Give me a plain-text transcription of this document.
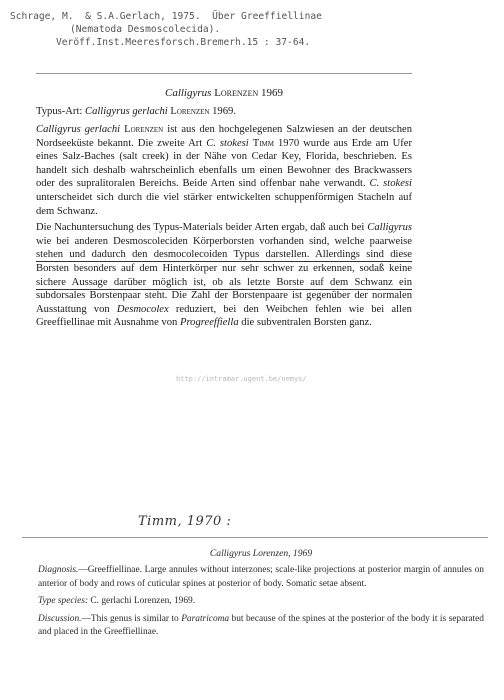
Schrage, M.  & S.A.Gerlach, 1975.  Über Greeffiellinae
(Nematoda Desmoscolecida).
Veröff.Inst.Meeresforsch.Bremerh.15 : 37-64.
Calligyrus Lorenzen 1969
Typus-Art: Calligyrus gerlachi Lorenzen 1969.

Calligyrus gerlachi Lorenzen ist aus den hochgelegenen Salzwiesen an der deutschen Nordseeküste bekannt. Die zweite Art C. stokesi Timm 1970 wurde aus Erde am Ufer eines Salz-Baches (salt creek) in der Nähe von Cedar Key, Florida, beschrieben. Es handelt sich deshalb wahrscheinlich ebenfalls um einen Bewohner des Brackwassers oder des supralitoralen Bereichs. Beide Arten sind offenbar nahe verwandt. C. stokesi unterscheidet sich durch die viel stärker entwickelten schuppenförmigen Stacheln auf dem Schwanz.

Die Nachuntersuchung des Typus-Materials beider Arten ergab, daß auch bei Calligyrus wie bei anderen Desmoscoleciden Körperborsten vorhanden sind, welche paarweise stehen und dadurch den desmocolecoiden Typus darstellen. Allerdings sind diese Borsten besonders auf dem Hinterkörper nur sehr schwer zu erkennen, sodaß keine sichere Aussage darüber möglich ist, ob als letzte Borste auf dem Schwanz ein subdorsales Borstenpaar steht. Die Zahl der Borstenpaare ist gegenüber der normalen Ausstattung von Desmocolex reduziert, bei den Weibchen fehlen wie bei allen Greeffiellinae mit Ausnahme von Progreeffiella die subventralen Borsten ganz.

http://intramar.ugent.be/nemys/
Timm, 1970 :
Calligyrus Lorenzen, 1969

Diagnosis.—Greeffiellinae. Large annules without interzones; scale-like projections at posterior margin of annules on anterior of body and rows of cuticular spines at posterior of body. Somatic setae absent.

Type species: C. gerlachi Lorenzen, 1969.

Discussion.—This genus is similar to Paratricoma but because of the spines at the posterior of the body it is separated and placed in the Greeffiellinae.
